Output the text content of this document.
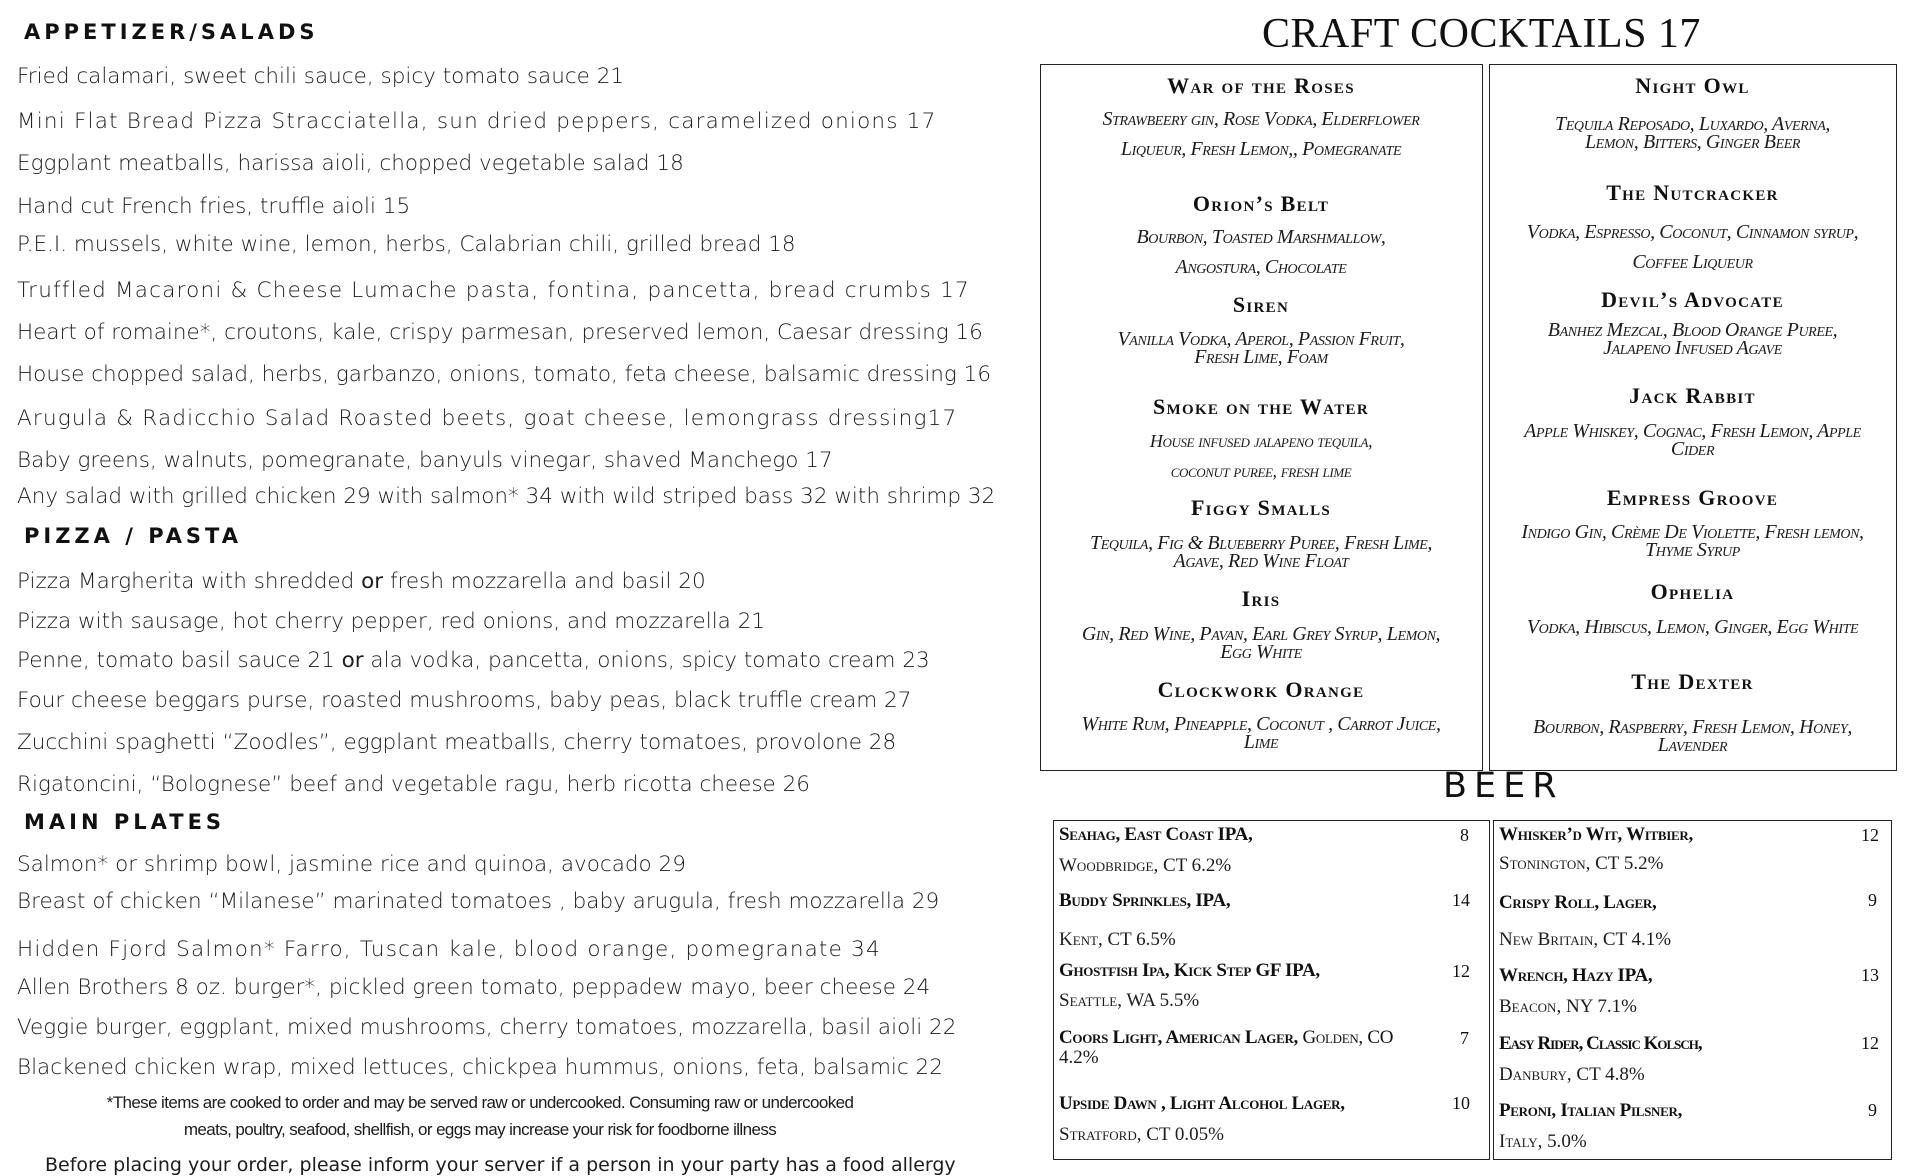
APPETIZER/SALADS
Fried calamari, sweet chili sauce, spicy tomato sauce 21
Mini Flat Bread Pizza Stracciatella, sun dried peppers, caramelized onions 17
Eggplant meatballs, harissa aioli, chopped vegetable salad 18
Hand cut French fries, truffle aioli 15
P.E.I. mussels, white wine, lemon, herbs, Calabrian chili, grilled bread 18
Truffled Macaroni & Cheese Lumache pasta, fontina, pancetta, bread crumbs 17
Heart of romaine*, croutons, kale, crispy parmesan, preserved lemon, Caesar dressing 16
House chopped salad, herbs, garbanzo, onions, tomato, feta cheese, balsamic dressing 16
Arugula & Radicchio Salad Roasted beets, goat cheese, lemongrass dressing17
Baby greens, walnuts, pomegranate, banyuls vinegar, shaved Manchego 17
Any salad with grilled chicken 29 with salmon* 34 with wild striped bass 32 with shrimp 32
PIZZA / PASTA
Pizza Margherita with shredded or fresh mozzarella and basil 20
Pizza with sausage, hot cherry pepper, red onions, and mozzarella 21
Penne, tomato basil sauce 21 or ala vodka, pancetta, onions, spicy tomato cream 23
Four cheese beggars purse, roasted mushrooms, baby peas, black truffle cream 27
Zucchini spaghetti “Zoodles”, eggplant meatballs, cherry tomatoes, provolone 28
Rigatoncini, “Bolognese” beef and vegetable ragu, herb ricotta cheese 26
MAIN PLATES
Salmon* or shrimp bowl, jasmine rice and quinoa, avocado 29
Breast of chicken “Milanese” marinated tomatoes , baby arugula, fresh mozzarella 29
Hidden Fjord Salmon* Farro, Tuscan kale, blood orange, pomegranate 34
Allen Brothers 8 oz. burger*, pickled green tomato, peppadew mayo, beer cheese 24
Veggie burger, eggplant, mixed mushrooms, cherry tomatoes, mozzarella, basil aioli 22
Blackened chicken wrap, mixed lettuces, chickpea hummus, onions, feta, balsamic 22
*These items are cooked to order and may be served raw or undercooked. Consuming raw or undercooked
meats, poultry, seafood, shellfish, or eggs may increase your risk for foodborne illness
Before placing your order, please inform your server if a person in your party has a food allergy
CRAFT COCKTAILS 17
War of the Roses
Strawbeery gin, Rose Vodka, Elderflower
Liqueur, Fresh Lemon,, Pomegranate
Orion’s Belt
Bourbon, Toasted Marshmallow,
Angostura, Chocolate
Siren
Vanilla Vodka, Aperol, Passion Fruit,
Fresh Lime, Foam
Smoke on the Water
House infused jalapeno tequila,
coconut puree, fresh lime
Figgy Smalls
Tequila, Fig & Blueberry Puree, Fresh Lime,
Agave, Red Wine Float
Iris
Gin, Red Wine, Pavan, Earl Grey Syrup, Lemon,
Egg White
Clockwork Orange
White Rum, Pineapple, Coconut , Carrot Juice,
Lime
Night Owl
Tequila Reposado, Luxardo, Averna,
Lemon, Bitters, Ginger Beer
The Nutcracker
Vodka, Espresso, Coconut, Cinnamon syrup,
Coffee Liqueur
Devil’s Advocate
Banhez Mezcal, Blood Orange Puree,
Jalapeno Infused Agave
Jack Rabbit
Apple Whiskey, Cognac, Fresh Lemon, Apple
Cider
Empress Groove
Indigo Gin, Crème De Violette, Fresh lemon,
Thyme Syrup
Ophelia
Vodka, Hibiscus, Lemon, Ginger, Egg White
The Dexter
Bourbon, Raspberry, Fresh Lemon, Honey,
Lavender
BEER
Seahag, East Coast IPA,	8
Woodbridge, CT 6.2%
Buddy Sprinkles, IPA,	14
Kent, CT 6.5%
Ghostfish Ipa, Kick Step GF IPA,	12
Seattle, WA 5.5%
Coors Light, American Lager, Golden, CO	7
4.2%
Upside Dawn , Light Alcohol Lager,	10
Stratford, CT 0.05%
Whisker’d Wit, Witbier,	12
Stonington, CT 5.2%
Crispy Roll, Lager,	9
New Britain, CT 4.1%
Wrench, Hazy IPA,	13
Beacon, NY 7.1%
Easy Rider, Classic Kolsch,	12
Danbury, CT 4.8%
Peroni, Italian Pilsner,	9
Italy, 5.0%
